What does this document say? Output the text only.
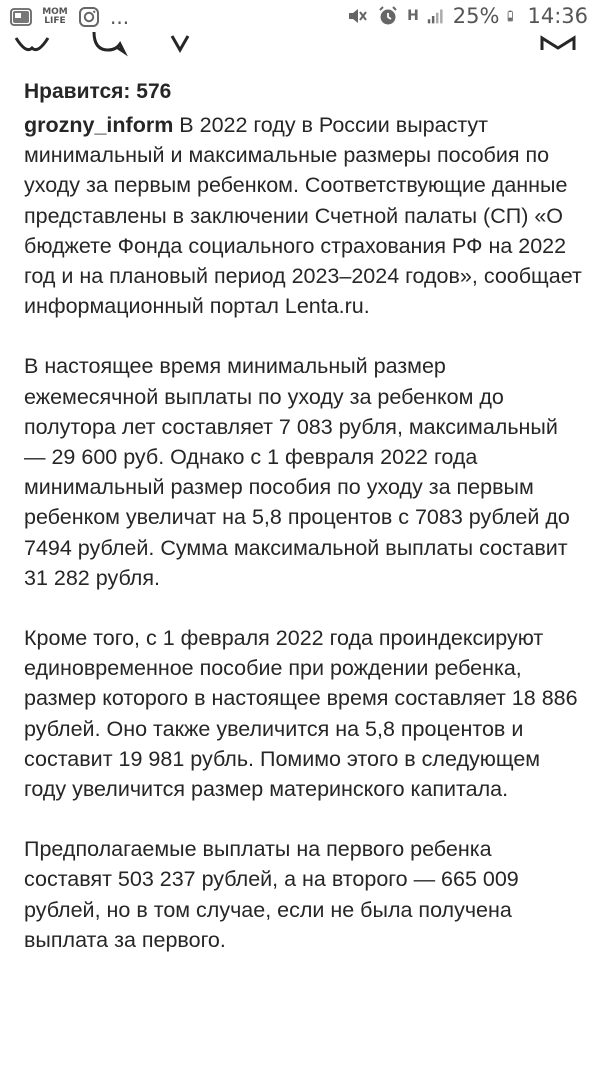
MOM
LIFE ...	H 25% 14:36
Нравится: 576

grozny_inform В 2022 году в России вырастут минимальный и максимальные размеры пособия по уходу за первым ребенком. Соответствующие данные представлены в заключении Счетной палаты (СП) «О бюджете Фонда социального страхования РФ на 2022 год и на плановый период 2023–2024 годов», сообщает информационный портал Lenta.ru.

В настоящее время минимальный размер ежемесячной выплаты по уходу за ребенком до полутора лет составляет 7 083 рубля, максимальный — 29 600 руб. Однако с 1 февраля 2022 года минимальный размер пособия по уходу за первым ребенком увеличат на 5,8 процентов с 7083 рублей до 7494 рублей. Сумма максимальной выплаты составит 31 282 рубля.

Кроме того, с 1 февраля 2022 года проиндексируют единовременное пособие при рождении ребенка, размер которого в настоящее время составляет 18 886 рублей. Оно также увеличится на 5,8 процентов и составит 19 981 рубль. Помимо этого в следующем году увеличится размер материнского капитала.

Предполагаемые выплаты на первого ребенка составят 503 237 рублей, а на второго — 665 009 рублей, но в том случае, если не была получена выплата за первого.
